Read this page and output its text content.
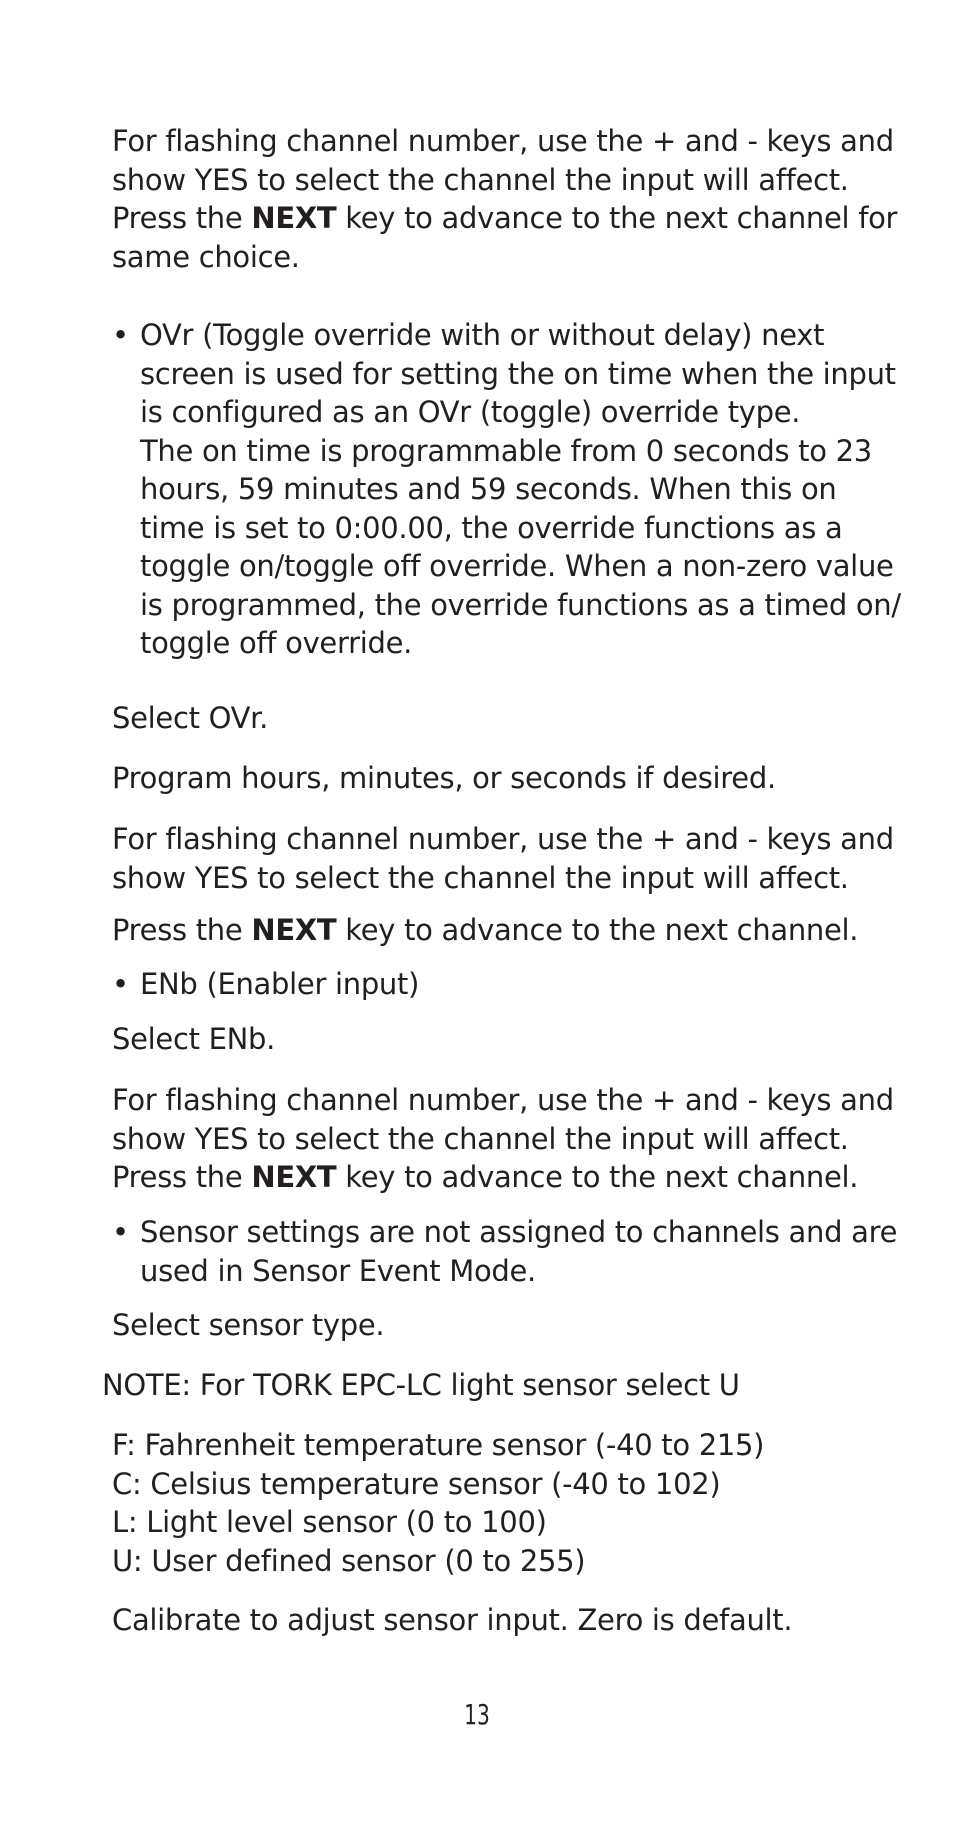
For flashing channel number, use the + and - keys and
show YES to select the channel the input will affect.
Press the NEXT key to advance to the next channel for
same choice.

• OVr (Toggle override with or without delay) next
screen is used for setting the on time when the input
is configured as an OVr (toggle) override type.
The on time is programmable from 0 seconds to 23
hours, 59 minutes and 59 seconds. When this on
time is set to 0:00.00, the override functions as a
toggle on/toggle off override. When a non-zero value
is programmed, the override functions as a timed on/
toggle off override.

Select OVr.

Program hours, minutes, or seconds if desired.

For flashing channel number, use the + and - keys and
show YES to select the channel the input will affect.

Press the NEXT key to advance to the next channel.

• ENb (Enabler input)

Select ENb.

For flashing channel number, use the + and - keys and
show YES to select the channel the input will affect.
Press the NEXT key to advance to the next channel.

• Sensor settings are not assigned to channels and are
used in Sensor Event Mode.

Select sensor type.

NOTE: For TORK EPC-LC light sensor select U

F: Fahrenheit temperature sensor (-40 to 215)
C: Celsius temperature sensor (-40 to 102)
L: Light level sensor (0 to 100)
U: User defined sensor (0 to 255)

Calibrate to adjust sensor input. Zero is default.

13
